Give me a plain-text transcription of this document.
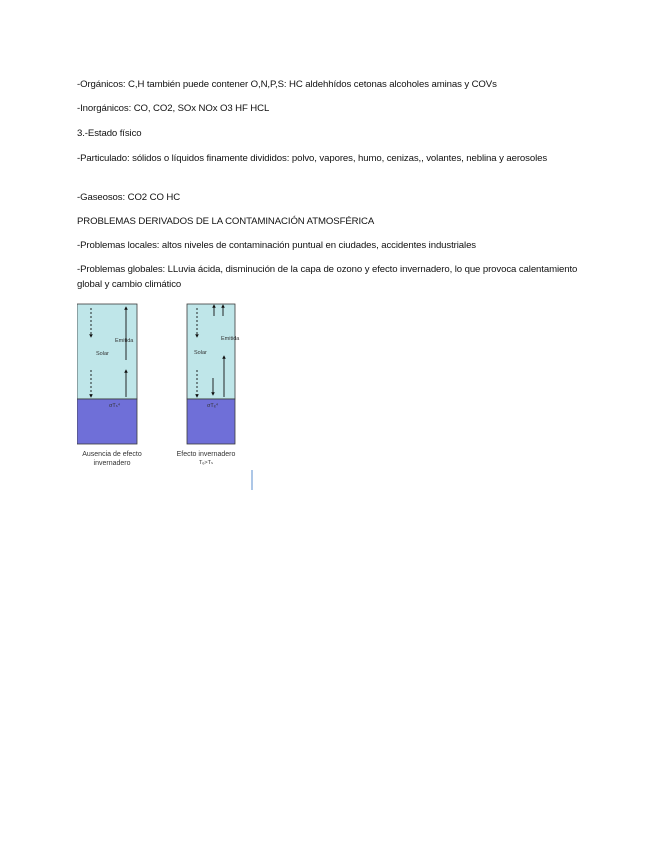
-Orgánicos: C,H también puede contener O,N,P,S: HC aldehhídos cetonas alcoholes aminas y COVs
-Inorgánicos: CO, CO2, SOx NOx O3 HF HCL
3.-Estado físico
-Particulado: sólidos o líquidos finamente divididos: polvo, vapores, humo, cenizas,, volantes, neblina y aerosoles
-Gaseosos: CO2 CO HC
PROBLEMAS DERIVADOS DE LA CONTAMINACIÓN ATMOSFÉRICA
-Problemas locales: altos niveles de contaminación puntual en ciudades, accidentes industriales
-Problemas globales: LLuvia ácida, disminución de la capa de ozono y efecto invernadero, lo que provoca calentamiento global y cambio climático
Solar
Emitida
σTₛ⁴
Solar
Emitida
σTₑ⁴
Ausencia de efecto
invernadero
Efecto invernadero
Tₑ>Tₛ
